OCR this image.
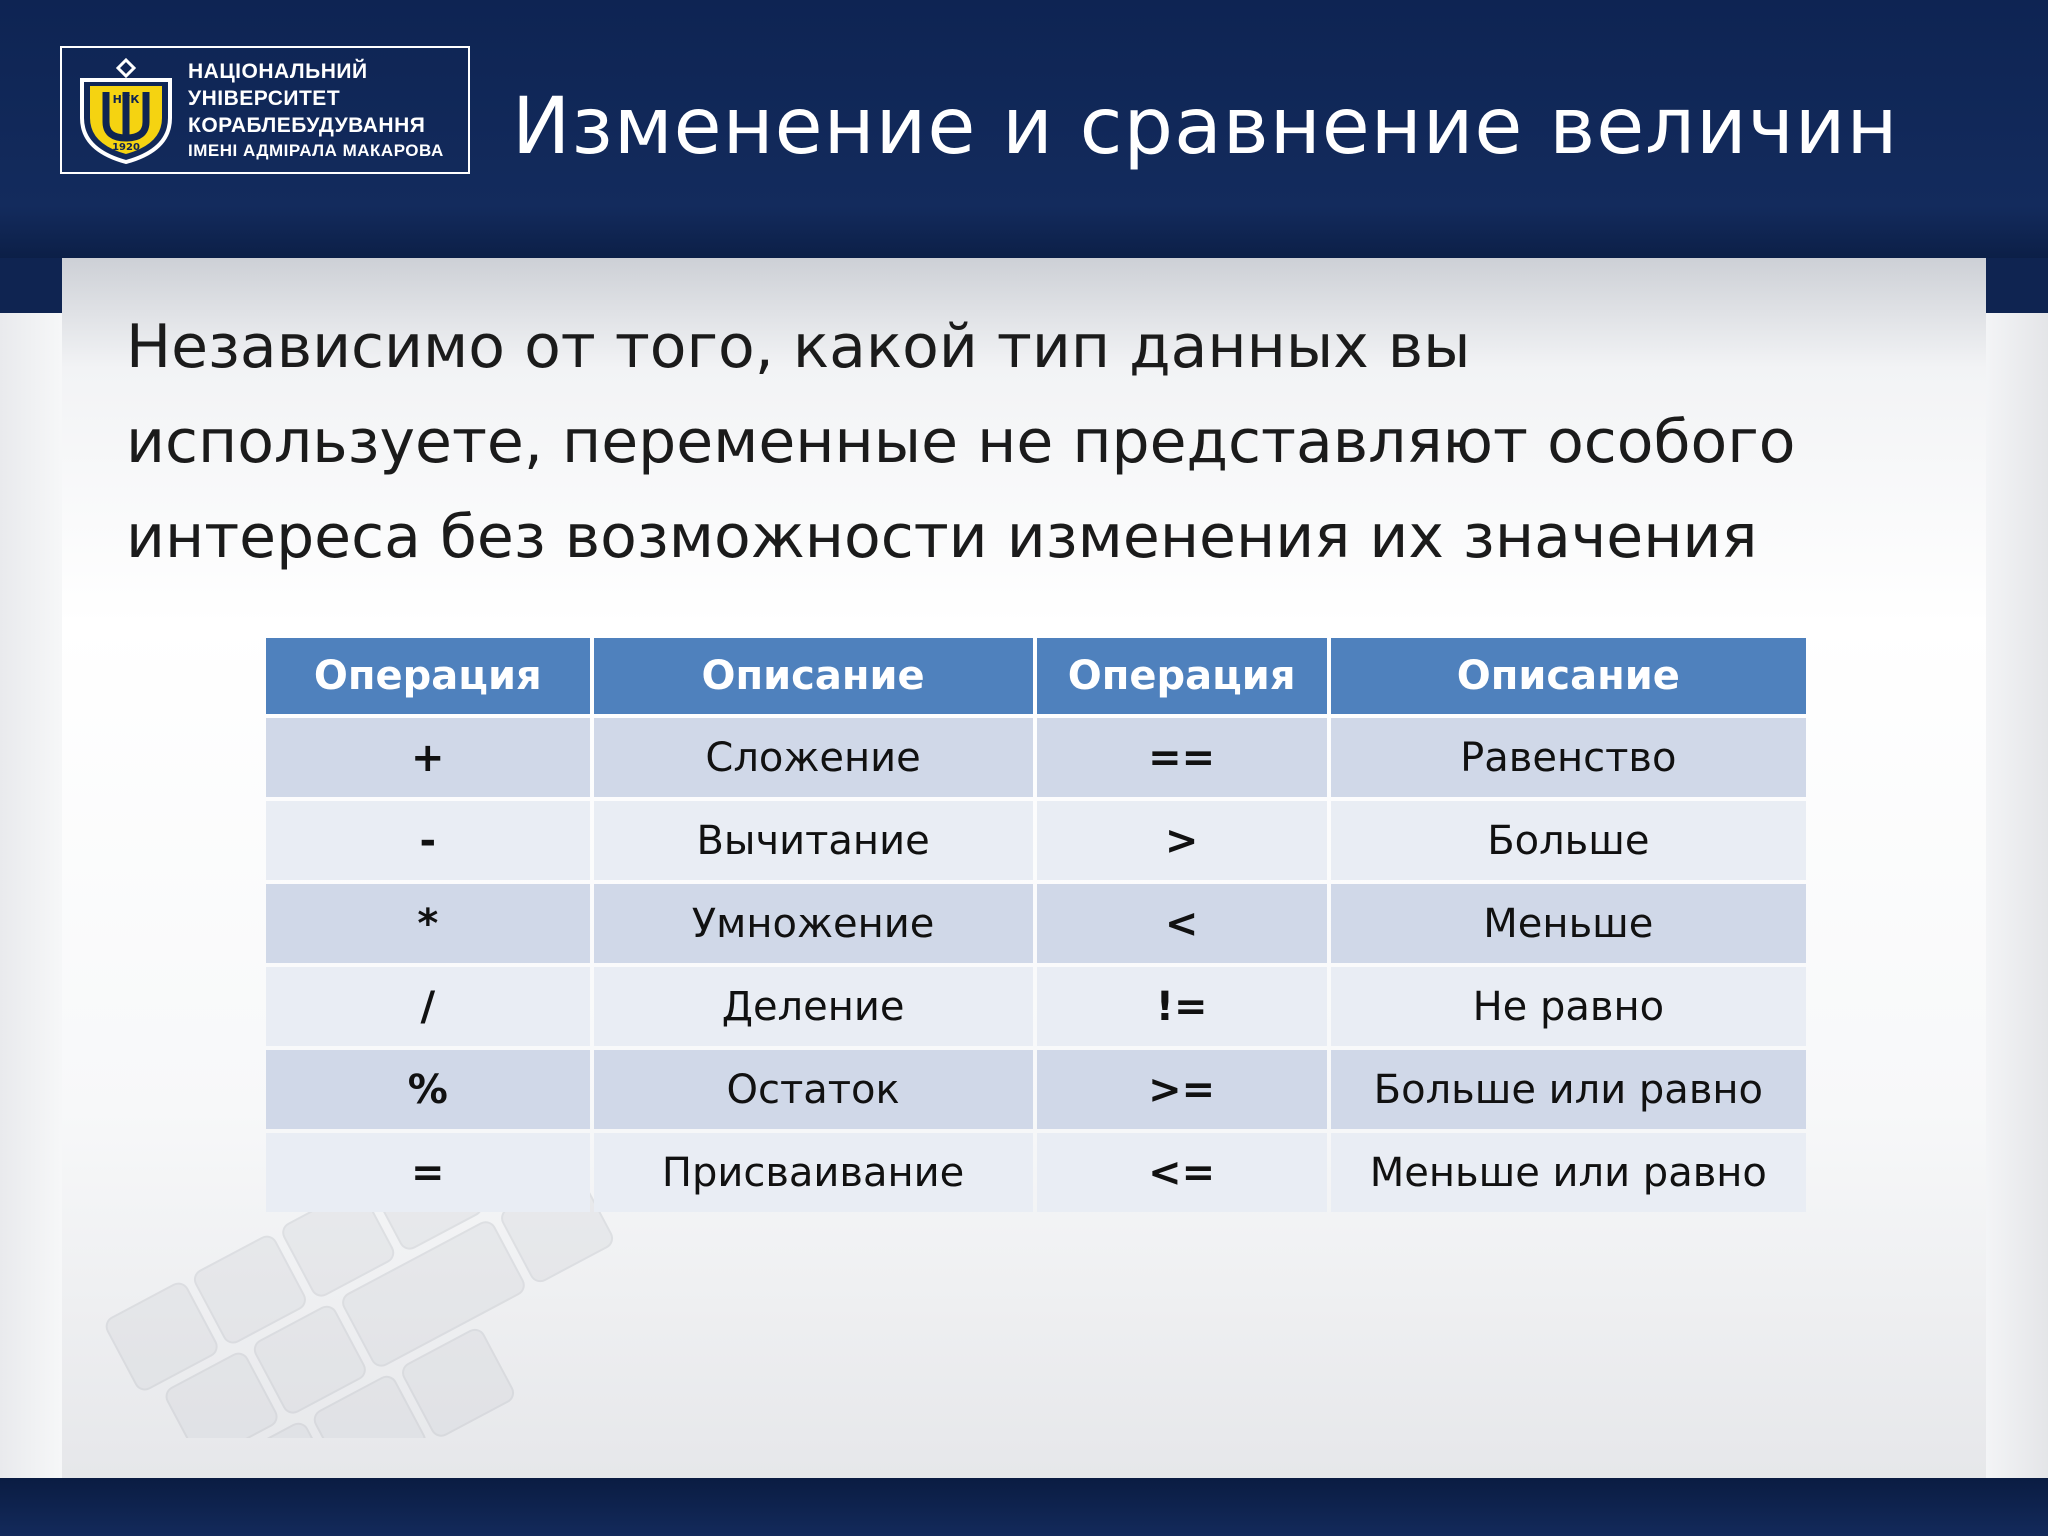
НУК
1920
НАЦІОНАЛЬНИЙ
УНІВЕРСИТЕТ
КОРАБЛЕБУДУВАННЯ
ІМЕНІ АДМІРАЛА МАКАРОВА Изменение и сравнение величин
Независимо от того, какой тип данных вы
используете, переменные не представляют особого
интереса без возможности изменения их значения
Операция	Описание	Операция	Описание
+	Сложение	==	Равенство
-	Вычитание	>	Больше
*	Умножение	<	Меньше
/	Деление	!=	Не равно
%	Остаток	>=	Больше или равно
=	Присваивание	<=	Меньше или равно
